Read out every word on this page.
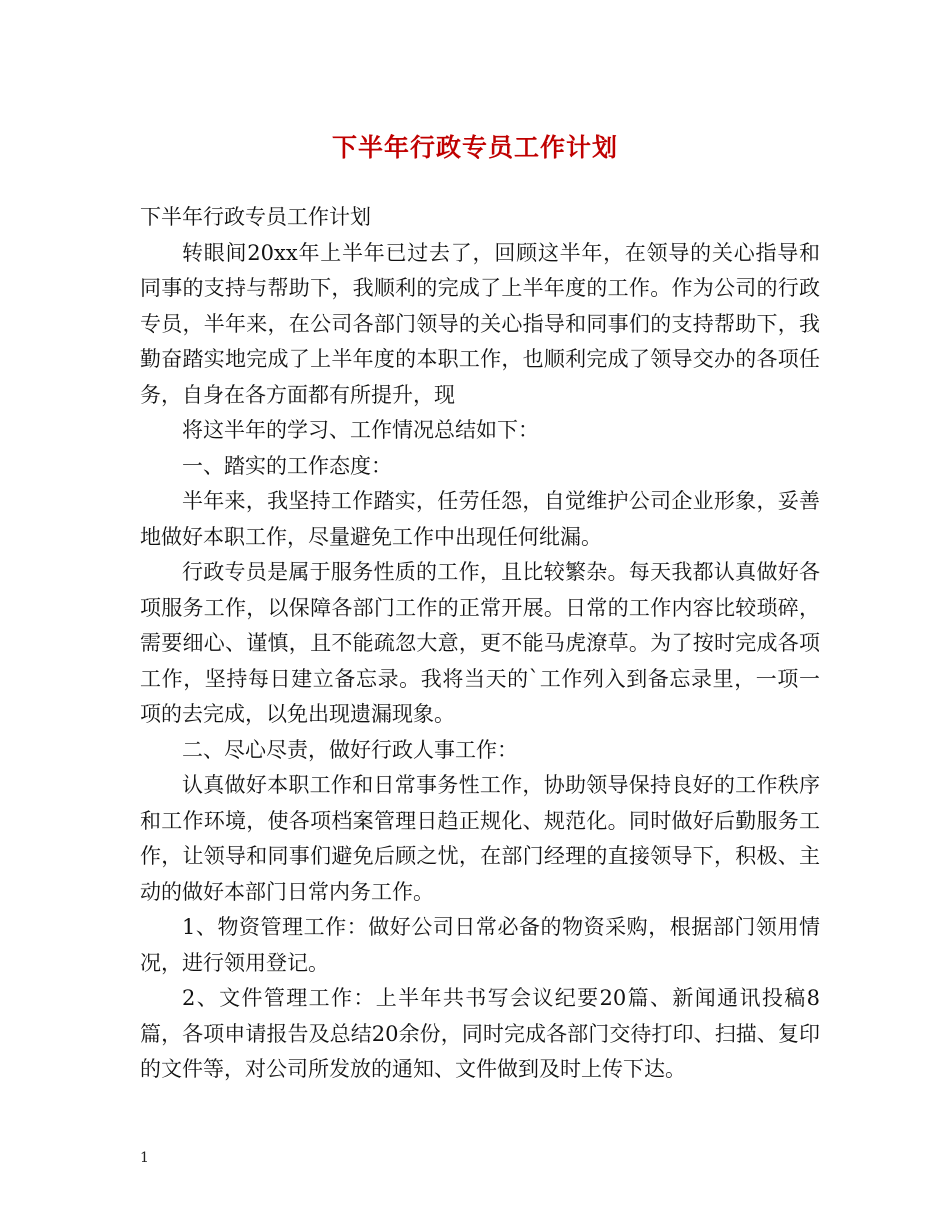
下半年行政专员工作计划

下半年行政专员工作计划

转眼间20xx年上半年已过去了，回顾这半年，在领导的关心指导和同事的支持与帮助下，我顺利的完成了上半年度的工作。作为公司的行政专员，半年来，在公司各部门领导的关心指导和同事们的支持帮助下，我勤奋踏实地完成了上半年度的本职工作，也顺利完成了领导交办的各项任务，自身在各方面都有所提升，现

将这半年的学习、工作情况总结如下：

一、踏实的工作态度：

半年来，我坚持工作踏实，任劳任怨，自觉维护公司企业形象，妥善地做好本职工作，尽量避免工作中出现任何纰漏。

行政专员是属于服务性质的工作，且比较繁杂。每天我都认真做好各项服务工作，以保障各部门工作的正常开展。日常的工作内容比较琐碎，需要细心、谨慎，且不能疏忽大意，更不能马虎潦草。为了按时完成各项工作，坚持每日建立备忘录。我将当天的`工作列入到备忘录里，一项一项的去完成，以免出现遗漏现象。

二、尽心尽责，做好行政人事工作：

认真做好本职工作和日常事务性工作，协助领导保持良好的工作秩序和工作环境，使各项档案管理日趋正规化、规范化。同时做好后勤服务工作，让领导和同事们避免后顾之忧，在部门经理的直接领导下，积极、主动的做好本部门日常内务工作。

1、物资管理工作：做好公司日常必备的物资采购，根据部门领用情况，进行领用登记。

2、文件管理工作：上半年共书写会议纪要20篇、新闻通讯投稿8篇，各项申请报告及总结20余份，同时完成各部门交待打印、扫描、复印的文件等，对公司所发放的通知、文件做到及时上传下达。

1
